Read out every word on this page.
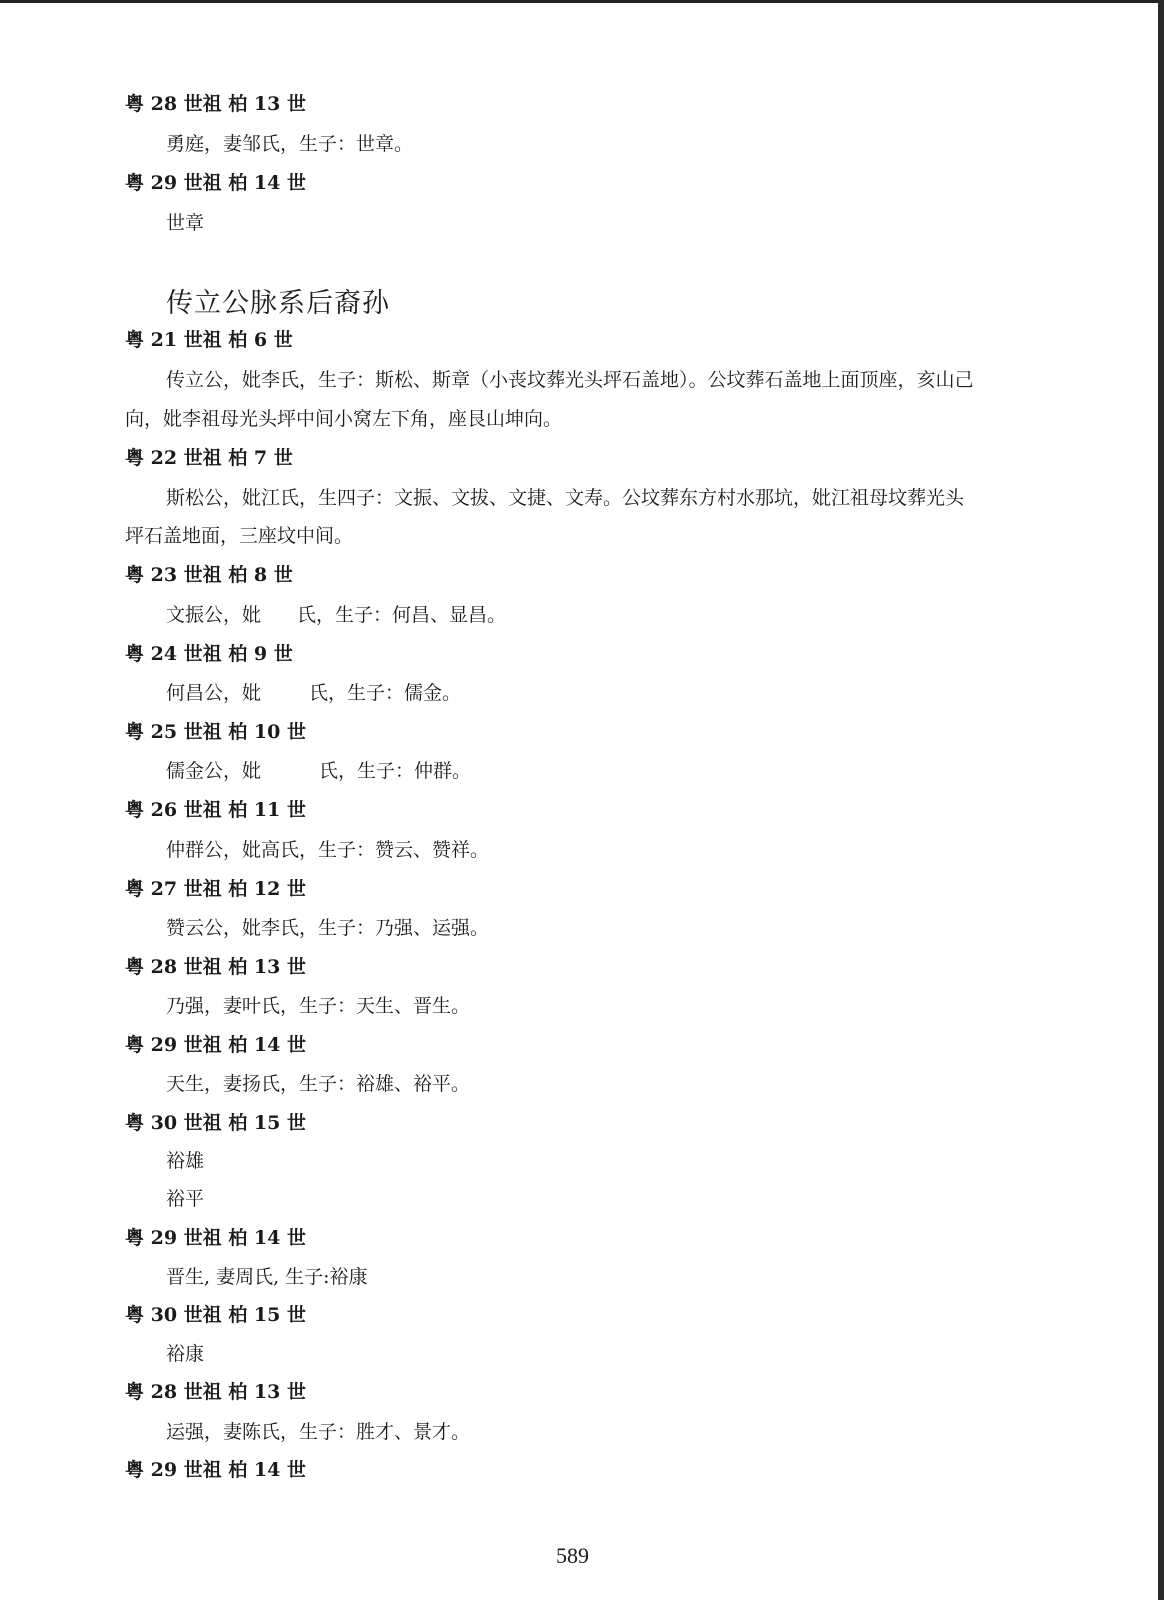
粤 28 世祖 柏 13 世
勇庭，妻邹氏，生子：世章。
粤 29 世祖 柏 14 世
世章
传立公脉系后裔孙
粤 21 世祖 柏 6 世
传立公，妣李氏，生子：斯松、斯章（小丧坟葬光头坪石盖地）。公坟葬石盖地上面顶座，亥山己
向，妣李祖母光头坪中间小窝左下角，座艮山坤向。
粤 22 世祖 柏 7 世
斯松公，妣江氏，生四子：文振、文拔、文捷、文寿。公坟葬东方村水那坑，妣江祖母坟葬光头
坪石盖地面，三座坟中间。
粤 23 世祖 柏 8 世
文振公，妣 氏，生子：何昌、显昌。
粤 24 世祖 柏 9 世
何昌公，妣	氏，生子：儒金。
粤 25 世祖 柏 10 世
儒金公，妣	氏，生子：仲群。
粤 26 世祖 柏 11 世
仲群公，妣高氏，生子：赞云、赞祥。
粤 27 世祖 柏 12 世
赞云公，妣李氏，生子：乃强、运强。
粤 28 世祖 柏 13 世
乃强，妻叶氏，生子：天生、晋生。
粤 29 世祖 柏 14 世
天生，妻扬氏，生子：裕雄、裕平。
粤 30 世祖 柏 15 世
裕雄
裕平
粤 29 世祖 柏 14 世
晋生, 妻周氏, 生子:裕康
粤 30 世祖 柏 15 世
裕康
粤 28 世祖 柏 13 世
运强，妻陈氏，生子：胜才、景才。
粤 29 世祖 柏 14 世
589
